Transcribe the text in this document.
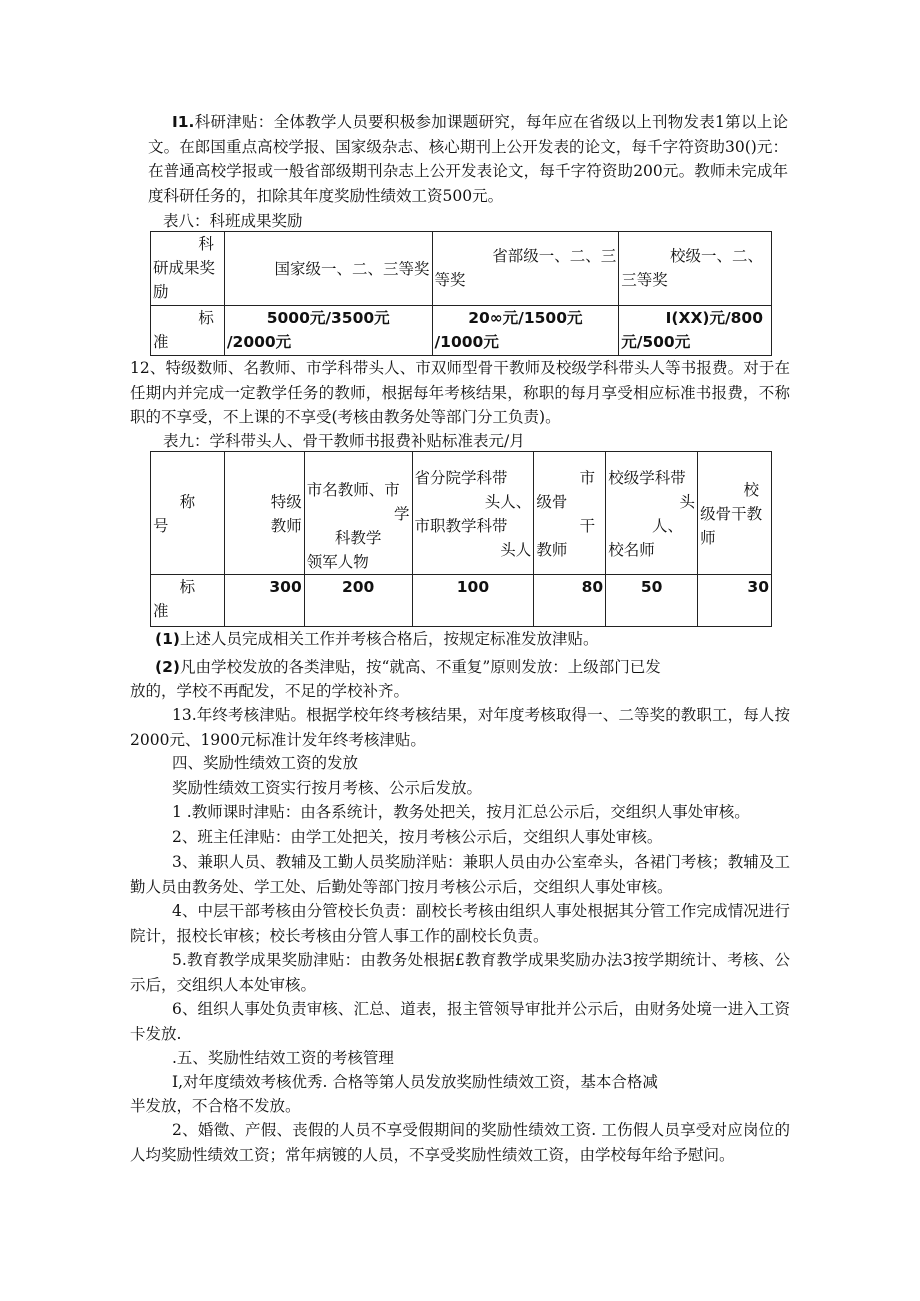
I1.科研津贴：全体教学人员要积极参加课题研究，每年应在省级以上刊物发表1第以上论文。在郎国重点高校学报、国家级杂志、核心期刊上公开发表的论文，每千字符资助30()元：在普通高校学报或一般省部级期刊杂志上公开发表论文，每千字符资助200元。教师未完成年度科研任务的，扣除其年度奖励性绩效工资500元。

表八：科班成果奖励

科
研成果奖
励	国家级一、二、三等奖	省部级一、二、三
等奖	校级一、二、
三等奖

标
准	5000元/3500元
/2000元	20∞元/1500元
/1000元	I(XX)元/800
元/500元

12、特级数师、名教师、市学科带头人、市双师型骨干教师及校级学科带头人等书报费。对于在任期内并完成一定教学任务的教师，根据每年考核结果，称职的每月享受相应标准书报费，不称职的不享受，不上课的不享受(考核由教务处等部门分工负责)。

表九：学科带头人、骨干教师书报费补贴标准表元/月

称
号	特级
教师	市名教师、市
学
科教学
领军人物	省分院学科带
头人、
市职教学科带
头人	市
级骨
干
教师	校级学科带
头
人、
校名师	校
级骨干教
师

标
准	300	200	100	80	50	30

(1)上述人员完成相关工作并考核合格后，按规定标准发放津贴。

(2)凡由学校发放的各类津贴，按“就高、不重复”原则发放：上级部门已发

放的，学校不再配发，不足的学校补齐。

13.年终考核津贴。根据学校年终考核结果，对年度考核取得一、二等奖的教职工，每人按2000元、1900元标准计发年终考核津贴。

四、奖励性绩效工资的发放

奖励性绩效工资实行按月考核、公示后发放。

1 .教师课时津贴：由各系统计，教务处把关，按月汇总公示后，交组织人事处审核。

2、班主任津贴：由学工处把关，按月考核公示后，交组织人事处审核。

3、兼职人员、教辅及工勤人员奖励洋贴：兼职人员由办公室牵头，各裙门考核；教辅及工勤人员由教务处、学工处、后勤处等部门按月考核公示后，交组织人事处审核。

4、中层干部考核由分管校长负责：副校长考核由组织人事处根据其分管工作完成情况进行院计，报校长审核；校长考核由分管人事工作的副校长负责。

5.教育教学成果奖励津贴：由教务处根据£教育教学成果奖励办法3按学期统计、考核、公示后，交组织人本处审核。

6、组织人事处负责审核、汇总、道表，报主管领导审批并公示后，由财务处境一进入工资卡发放.

.五、奖励性结效工资的考核管理

I,对年度绩效考核优秀. 合格等第人员发放奖励性绩效工资，基本合格减

半发放，不合格不发放。

2、婚徵、产假、丧假的人员不享受假期间的奖励性绩效工资. 工伤假人员享受对应岗位的人均奖励性绩效工资；常年病镀的人员，不享受奖励性绩效工资，由学校每年给予慰问。
